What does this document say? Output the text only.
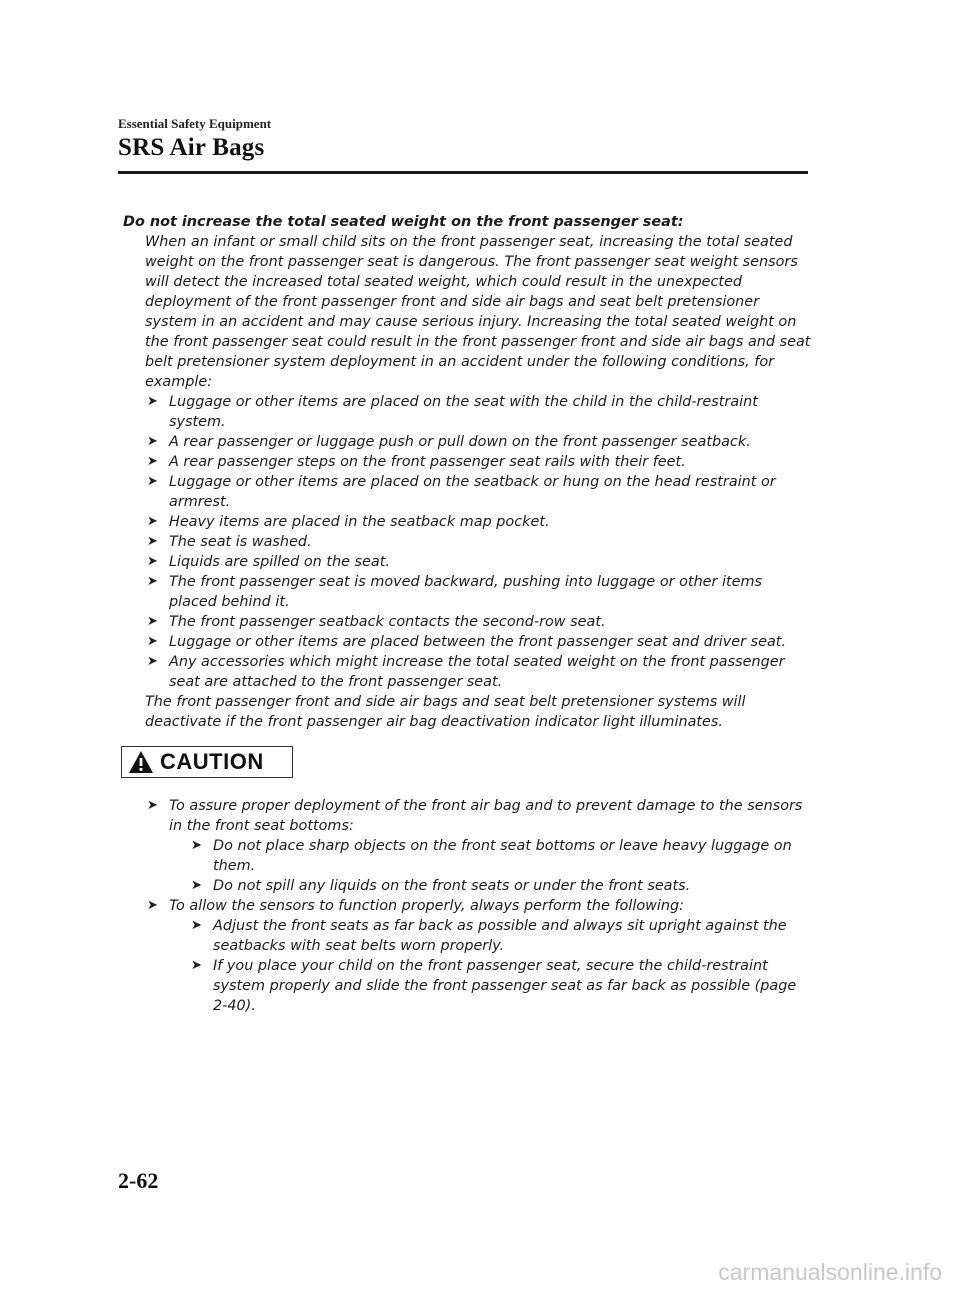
Essential Safety Equipment
SRS Air Bags
Do not increase the total seated weight on the front passenger seat:
When an infant or small child sits on the front passenger seat, increasing the total seated weight on the front passenger seat is dangerous. The front passenger seat weight sensors will detect the increased total seated weight, which could result in the unexpected deployment of the front passenger front and side air bags and seat belt pretensioner system in an accident and may cause serious injury. Increasing the total seated weight on the front passenger seat could result in the front passenger front and side air bags and seat belt pretensioner system deployment in an accident under the following conditions, for example:
➤ Luggage or other items are placed on the seat with the child in the child-restraint system.
➤ A rear passenger or luggage push or pull down on the front passenger seatback.
➤ A rear passenger steps on the front passenger seat rails with their feet.
➤ Luggage or other items are placed on the seatback or hung on the head restraint or armrest.
➤ Heavy items are placed in the seatback map pocket.
➤ The seat is washed.
➤ Liquids are spilled on the seat.
➤ The front passenger seat is moved backward, pushing into luggage or other items placed behind it.
➤ The front passenger seatback contacts the second-row seat.
➤ Luggage or other items are placed between the front passenger seat and driver seat.
➤ Any accessories which might increase the total seated weight on the front passenger seat are attached to the front passenger seat.
The front passenger front and side air bags and seat belt pretensioner systems will deactivate if the front passenger air bag deactivation indicator light illuminates.
CAUTION
➤ To assure proper deployment of the front air bag and to prevent damage to the sensors in the front seat bottoms:
➤ Do not place sharp objects on the front seat bottoms or leave heavy luggage on them.
➤ Do not spill any liquids on the front seats or under the front seats.
➤ To allow the sensors to function properly, always perform the following:
➤ Adjust the front seats as far back as possible and always sit upright against the seatbacks with seat belts worn properly.
➤ If you place your child on the front passenger seat, secure the child-restraint system properly and slide the front passenger seat as far back as possible (page 2-40).
2-62
carmanualsonline.info
